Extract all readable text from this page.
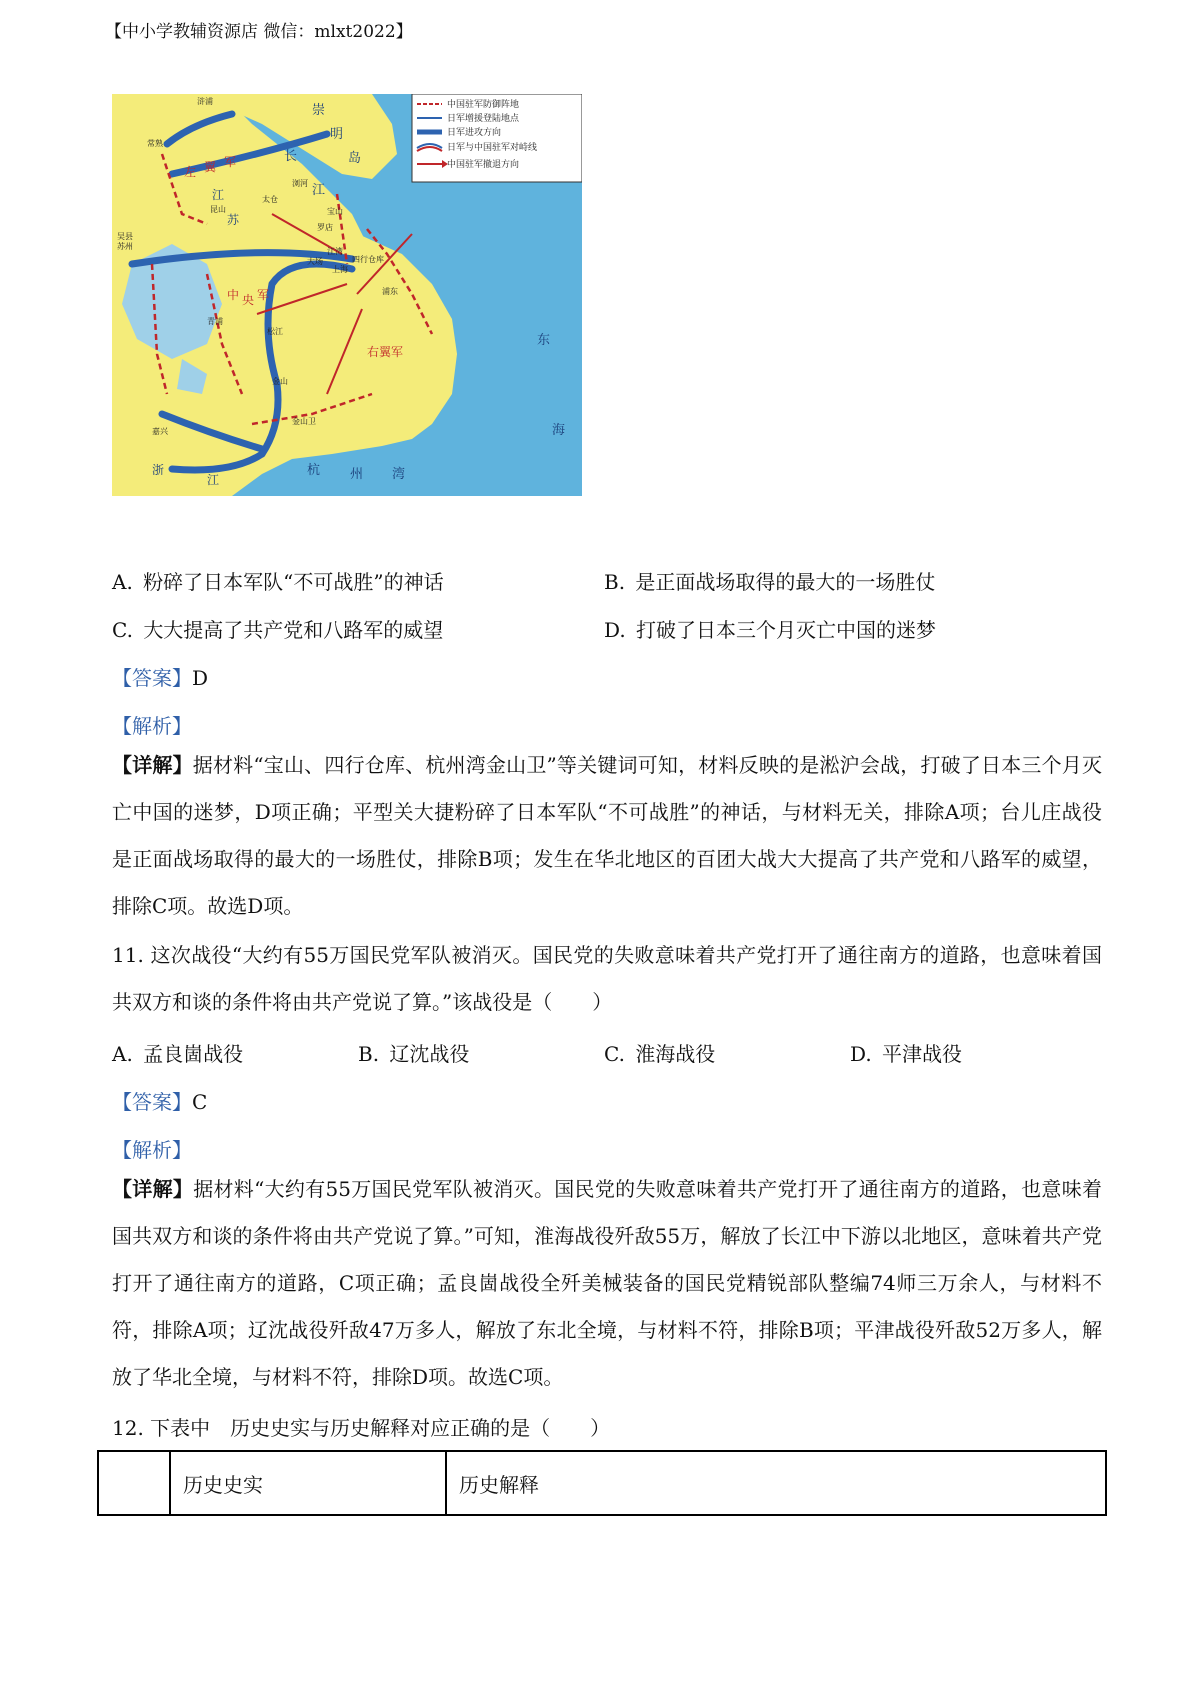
【中小学教辅资源店 微信：mlxt2022】
中国驻军防御阵地
日军增援登陆地点
日军进攻方向
日军与中国驻军对峙线
中国驻军撤退方向
崇
明
岛
长
江
东
海
杭 州 湾
浙
江
江
苏
左 翼 军
中 央 军
右翼军
浒浦
常熟
浏河
太仓
昆山	宝山
罗店
江湾
大场
上海
四行仓库
苏州
吴县
青浦
松江
金山
金山卫
嘉兴
浦东
A.  粉碎了日本军队“不可战胜”的神话	B.  是正面战场取得的最大的一场胜仗
C.  大大提高了共产党和八路军的威望	D.  打破了日本三个月灭亡中国的迷梦
【答案】D
【解析】
【详解】据材料“宝山、四行仓库、杭州湾金山卫”等关键词可知，材料反映的是淞沪会战，打破了日本三个月灭亡中国的迷梦，D项正确；平型关大捷粉碎了日本军队“不可战胜”的神话，与材料无关，排除A项；台儿庄战役是正面战场取得的最大的一场胜仗，排除B项；发生在华北地区的百团大战大大提高了共产党和八路军的威望，排除C项。故选D项。
11. 这次战役“大约有55万国民党军队被消灭。国民党的失败意味着共产党打开了通往南方的道路，也意味着国共双方和谈的条件将由共产党说了算。”该战役是（　　）
A.  孟良崮战役	B.  辽沈战役	C.  淮海战役	D.  平津战役
【答案】C
【解析】
【详解】据材料“大约有55万国民党军队被消灭。国民党的失败意味着共产党打开了通往南方的道路，也意味着国共双方和谈的条件将由共产党说了算。”可知，淮海战役歼敌55万，解放了长江中下游以北地区，意味着共产党打开了通往南方的道路，C项正确；孟良崮战役全歼美械装备的国民党精锐部队整编74师三万余人，与材料不符，排除A项；辽沈战役歼敌47万多人，解放了东北全境，与材料不符，排除B项；平津战役歼敌52万多人，解放了华北全境，与材料不符，排除D项。故选C项。
12. 下表中　历史史实与历史解释对应正确的是（　　）
	历史史实	历史解释
